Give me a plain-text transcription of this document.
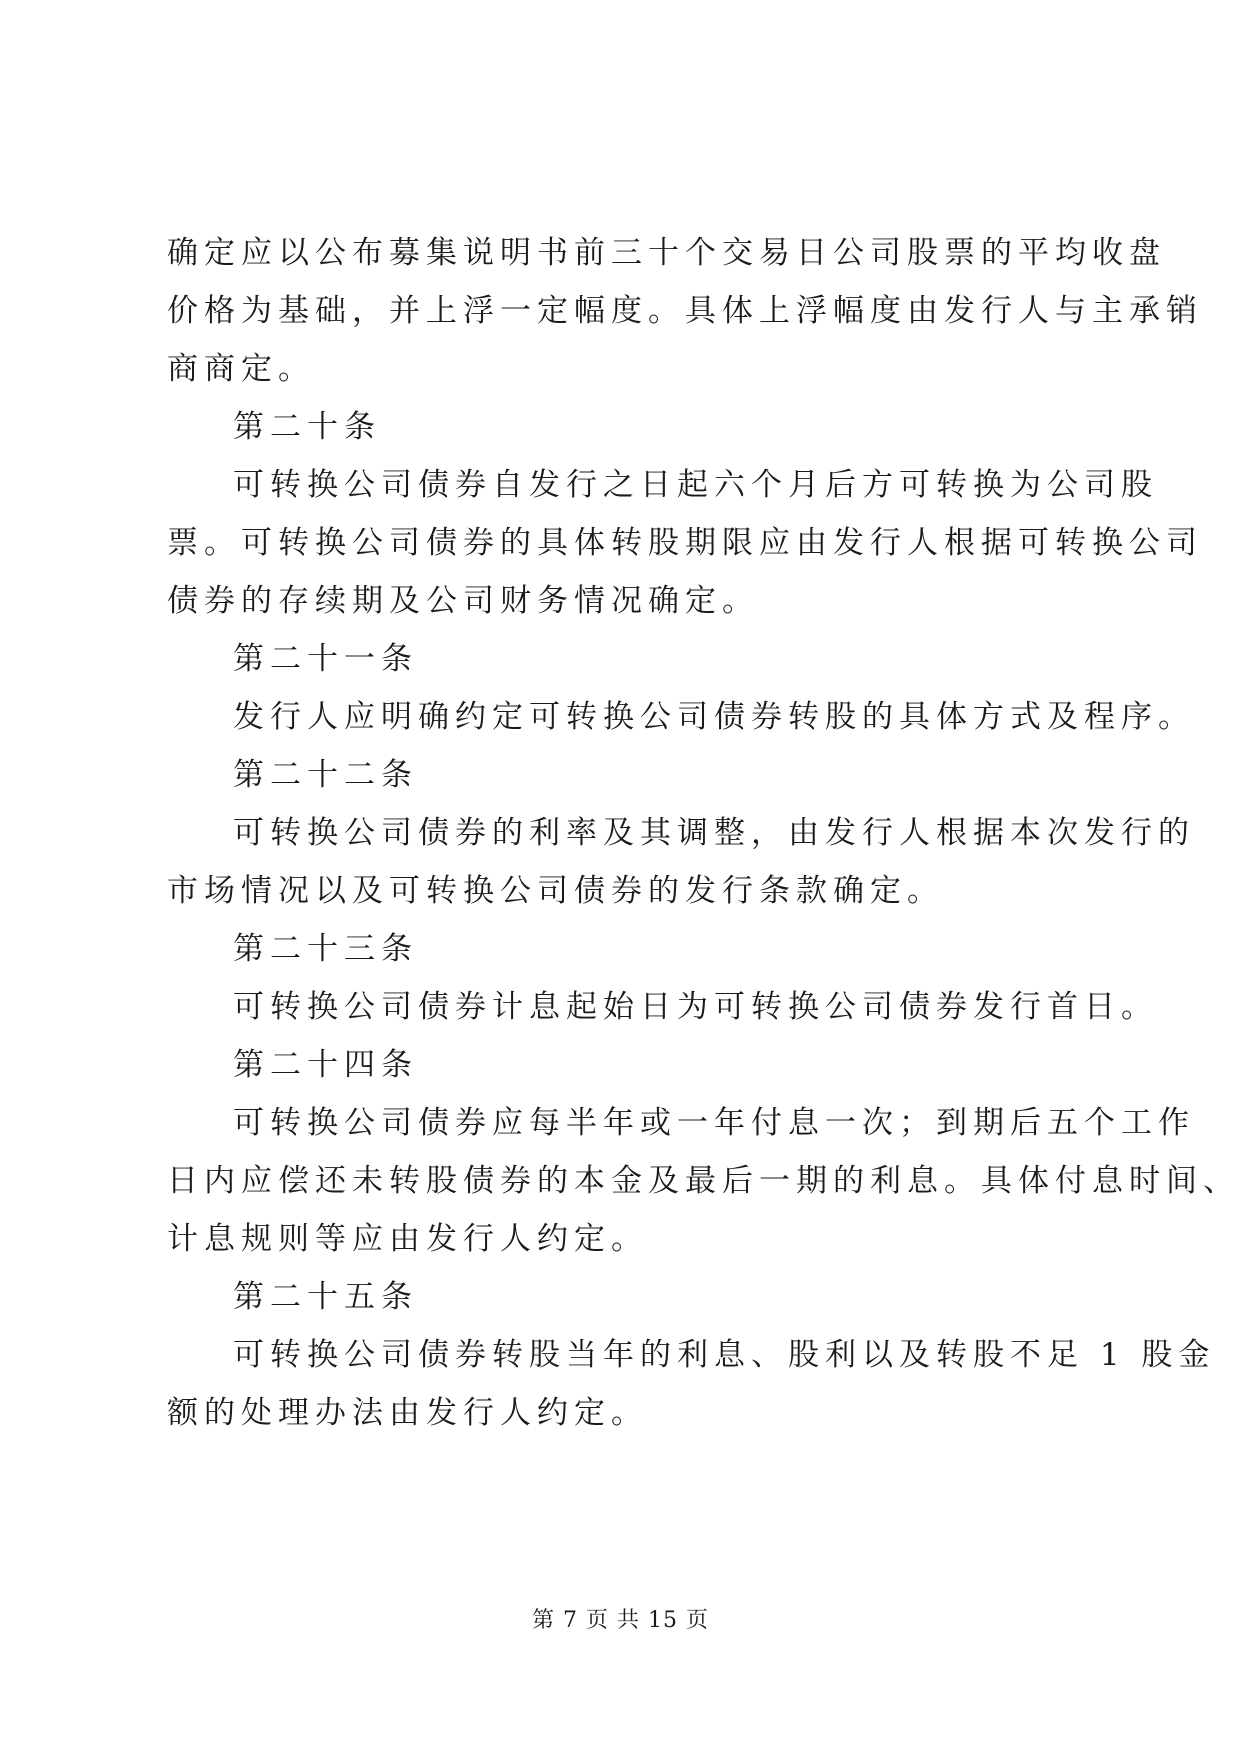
确定应以公布募集说明书前三十个交易日公司股票的平均收盘
价格为基础，并上浮一定幅度。具体上浮幅度由发行人与主承销
商商定。
第二十条
可转换公司债券自发行之日起六个月后方可转换为公司股
票。可转换公司债券的具体转股期限应由发行人根据可转换公司
债券的存续期及公司财务情况确定。
第二十一条
发行人应明确约定可转换公司债券转股的具体方式及程序。
第二十二条
可转换公司债券的利率及其调整，由发行人根据本次发行的
市场情况以及可转换公司债券的发行条款确定。
第二十三条
可转换公司债券计息起始日为可转换公司债券发行首日。
第二十四条
可转换公司债券应每半年或一年付息一次；到期后五个工作
日内应偿还未转股债券的本金及最后一期的利息。具体付息时间、
计息规则等应由发行人约定。
第二十五条
可转换公司债券转股当年的利息、股利以及转股不足 1 股金
额的处理办法由发行人约定。
第 7 页 共 15 页
